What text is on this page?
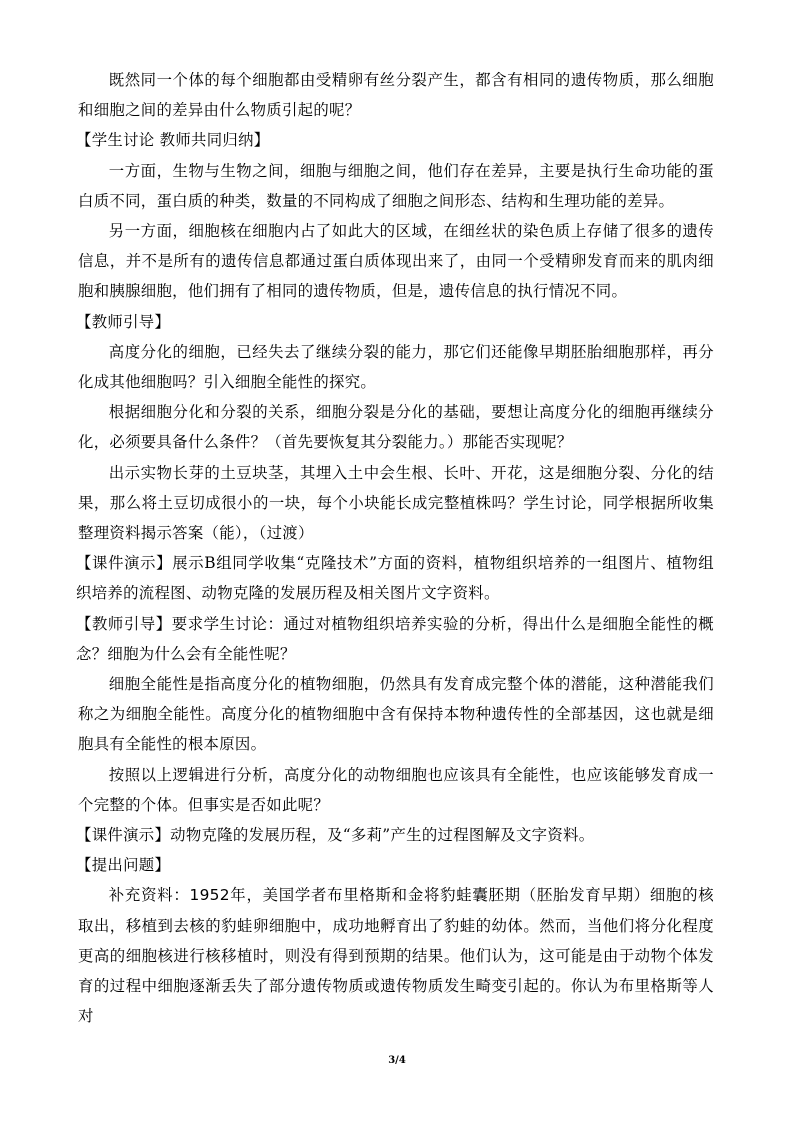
既然同一个体的每个细胞都由受精卵有丝分裂产生，都含有相同的遗传物质，那么细胞和细胞之间的差异由什么物质引起的呢？

【学生讨论 教师共同归纳】

一方面，生物与生物之间，细胞与细胞之间，他们存在差异，主要是执行生命功能的蛋白质不同，蛋白质的种类，数量的不同构成了细胞之间形态、结构和生理功能的差异。

另一方面，细胞核在细胞内占了如此大的区域，在细丝状的染色质上存储了很多的遗传信息，并不是所有的遗传信息都通过蛋白质体现出来了，由同一个受精卵发育而来的肌肉细胞和胰腺细胞，他们拥有了相同的遗传物质，但是，遗传信息的执行情况不同。

【教师引导】

高度分化的细胞，已经失去了继续分裂的能力，那它们还能像早期胚胎细胞那样，再分化成其他细胞吗？引入细胞全能性的探究。

根据细胞分化和分裂的关系，细胞分裂是分化的基础，要想让高度分化的细胞再继续分化，必须要具备什么条件？（首先要恢复其分裂能力。）那能否实现呢？

出示实物长芽的土豆块茎，其埋入土中会生根、长叶、开花，这是细胞分裂、分化的结果，那么将土豆切成很小的一块，每个小块能长成完整植株吗？学生讨论，同学根据所收集整理资料揭示答案（能），（过渡）

【课件演示】展示B组同学收集“克隆技术”方面的资料，植物组织培养的一组图片、植物组织培养的流程图、动物克隆的发展历程及相关图片文字资料。

【教师引导】要求学生讨论：通过对植物组织培养实验的分析，得出什么是细胞全能性的概念？细胞为什么会有全能性呢？

细胞全能性是指高度分化的植物细胞，仍然具有发育成完整个体的潜能，这种潜能我们称之为细胞全能性。高度分化的植物细胞中含有保持本物种遗传性的全部基因，这也就是细胞具有全能性的根本原因。

按照以上逻辑进行分析，高度分化的动物细胞也应该具有全能性，也应该能够发育成一个完整的个体。但事实是否如此呢？

【课件演示】动物克隆的发展历程，及“多莉”产生的过程图解及文字资料。

【提出问题】

补充资料：1952年，美国学者布里格斯和金将豹蛙囊胚期（胚胎发育早期）细胞的核取出，移植到去核的豹蛙卵细胞中，成功地孵育出了豹蛙的幼体。然而，当他们将分化程度更高的细胞核进行核移植时，则没有得到预期的结果。他们认为，这可能是由于动物个体发育的过程中细胞逐渐丢失了部分遗传物质或遗传物质发生畸变引起的。你认为布里格斯等人对

3/4
